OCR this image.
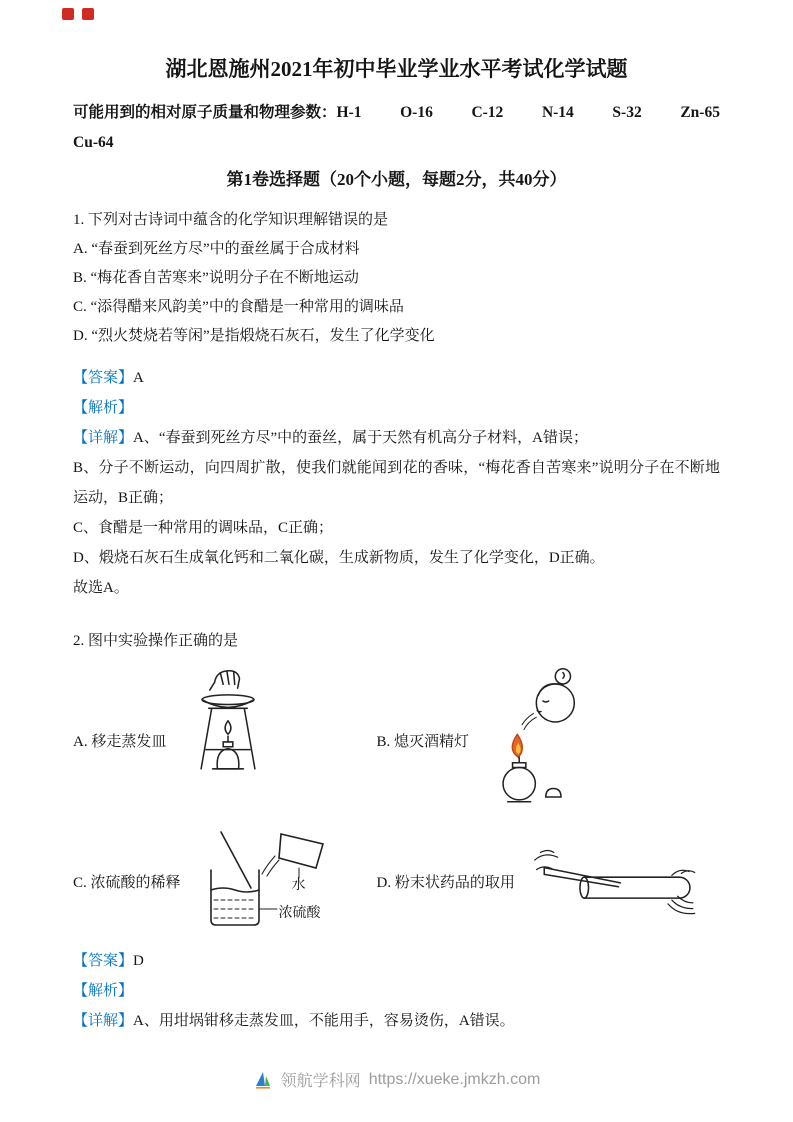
湖北恩施州2021年初中毕业学业水平考试化学试题
可能用到的相对原子质量和物理参数：H-1 O-16 C-12 N-14 S-32 Zn-65
Cu-64
第1卷选择题（20个小题，每题2分，共40分）

1. 下列对古诗词中蕴含的化学知识理解错误的是

A. “春蚕到死丝方尽”中的蚕丝属于合成材料

B. “梅花香自苦寒来”说明分子在不断地运动

C. “添得醋来风韵美”中的食醋是一种常用的调味品

D. “烈火焚烧若等闲”是指煅烧石灰石，发生了化学变化

【答案】A

【解析】

【详解】A、“春蚕到死丝方尽”中的蚕丝，属于天然有机高分子材料，A错误；

B、分子不断运动，向四周扩散，使我们就能闻到花的香味，“梅花香自苦寒来”说明分子在不断地运动，B正确；

C、食醋是一种常用的调味品，C正确；

D、煅烧石灰石生成氧化钙和二氧化碳，生成新物质，发生了化学变化，D正确。

故选A。

2. 图中实验操作正确的是

A. 移走蒸发皿	B. 熄灭酒精灯
C. 浓硫酸的稀释	水
浓硫酸
D. 粉末状药品的取用

【答案】D

【解析】

【详解】A、用坩埚钳移走蒸发皿，不能用手，容易烫伤，A错误。

领航学科网 https://xueke.jmkzh.com
